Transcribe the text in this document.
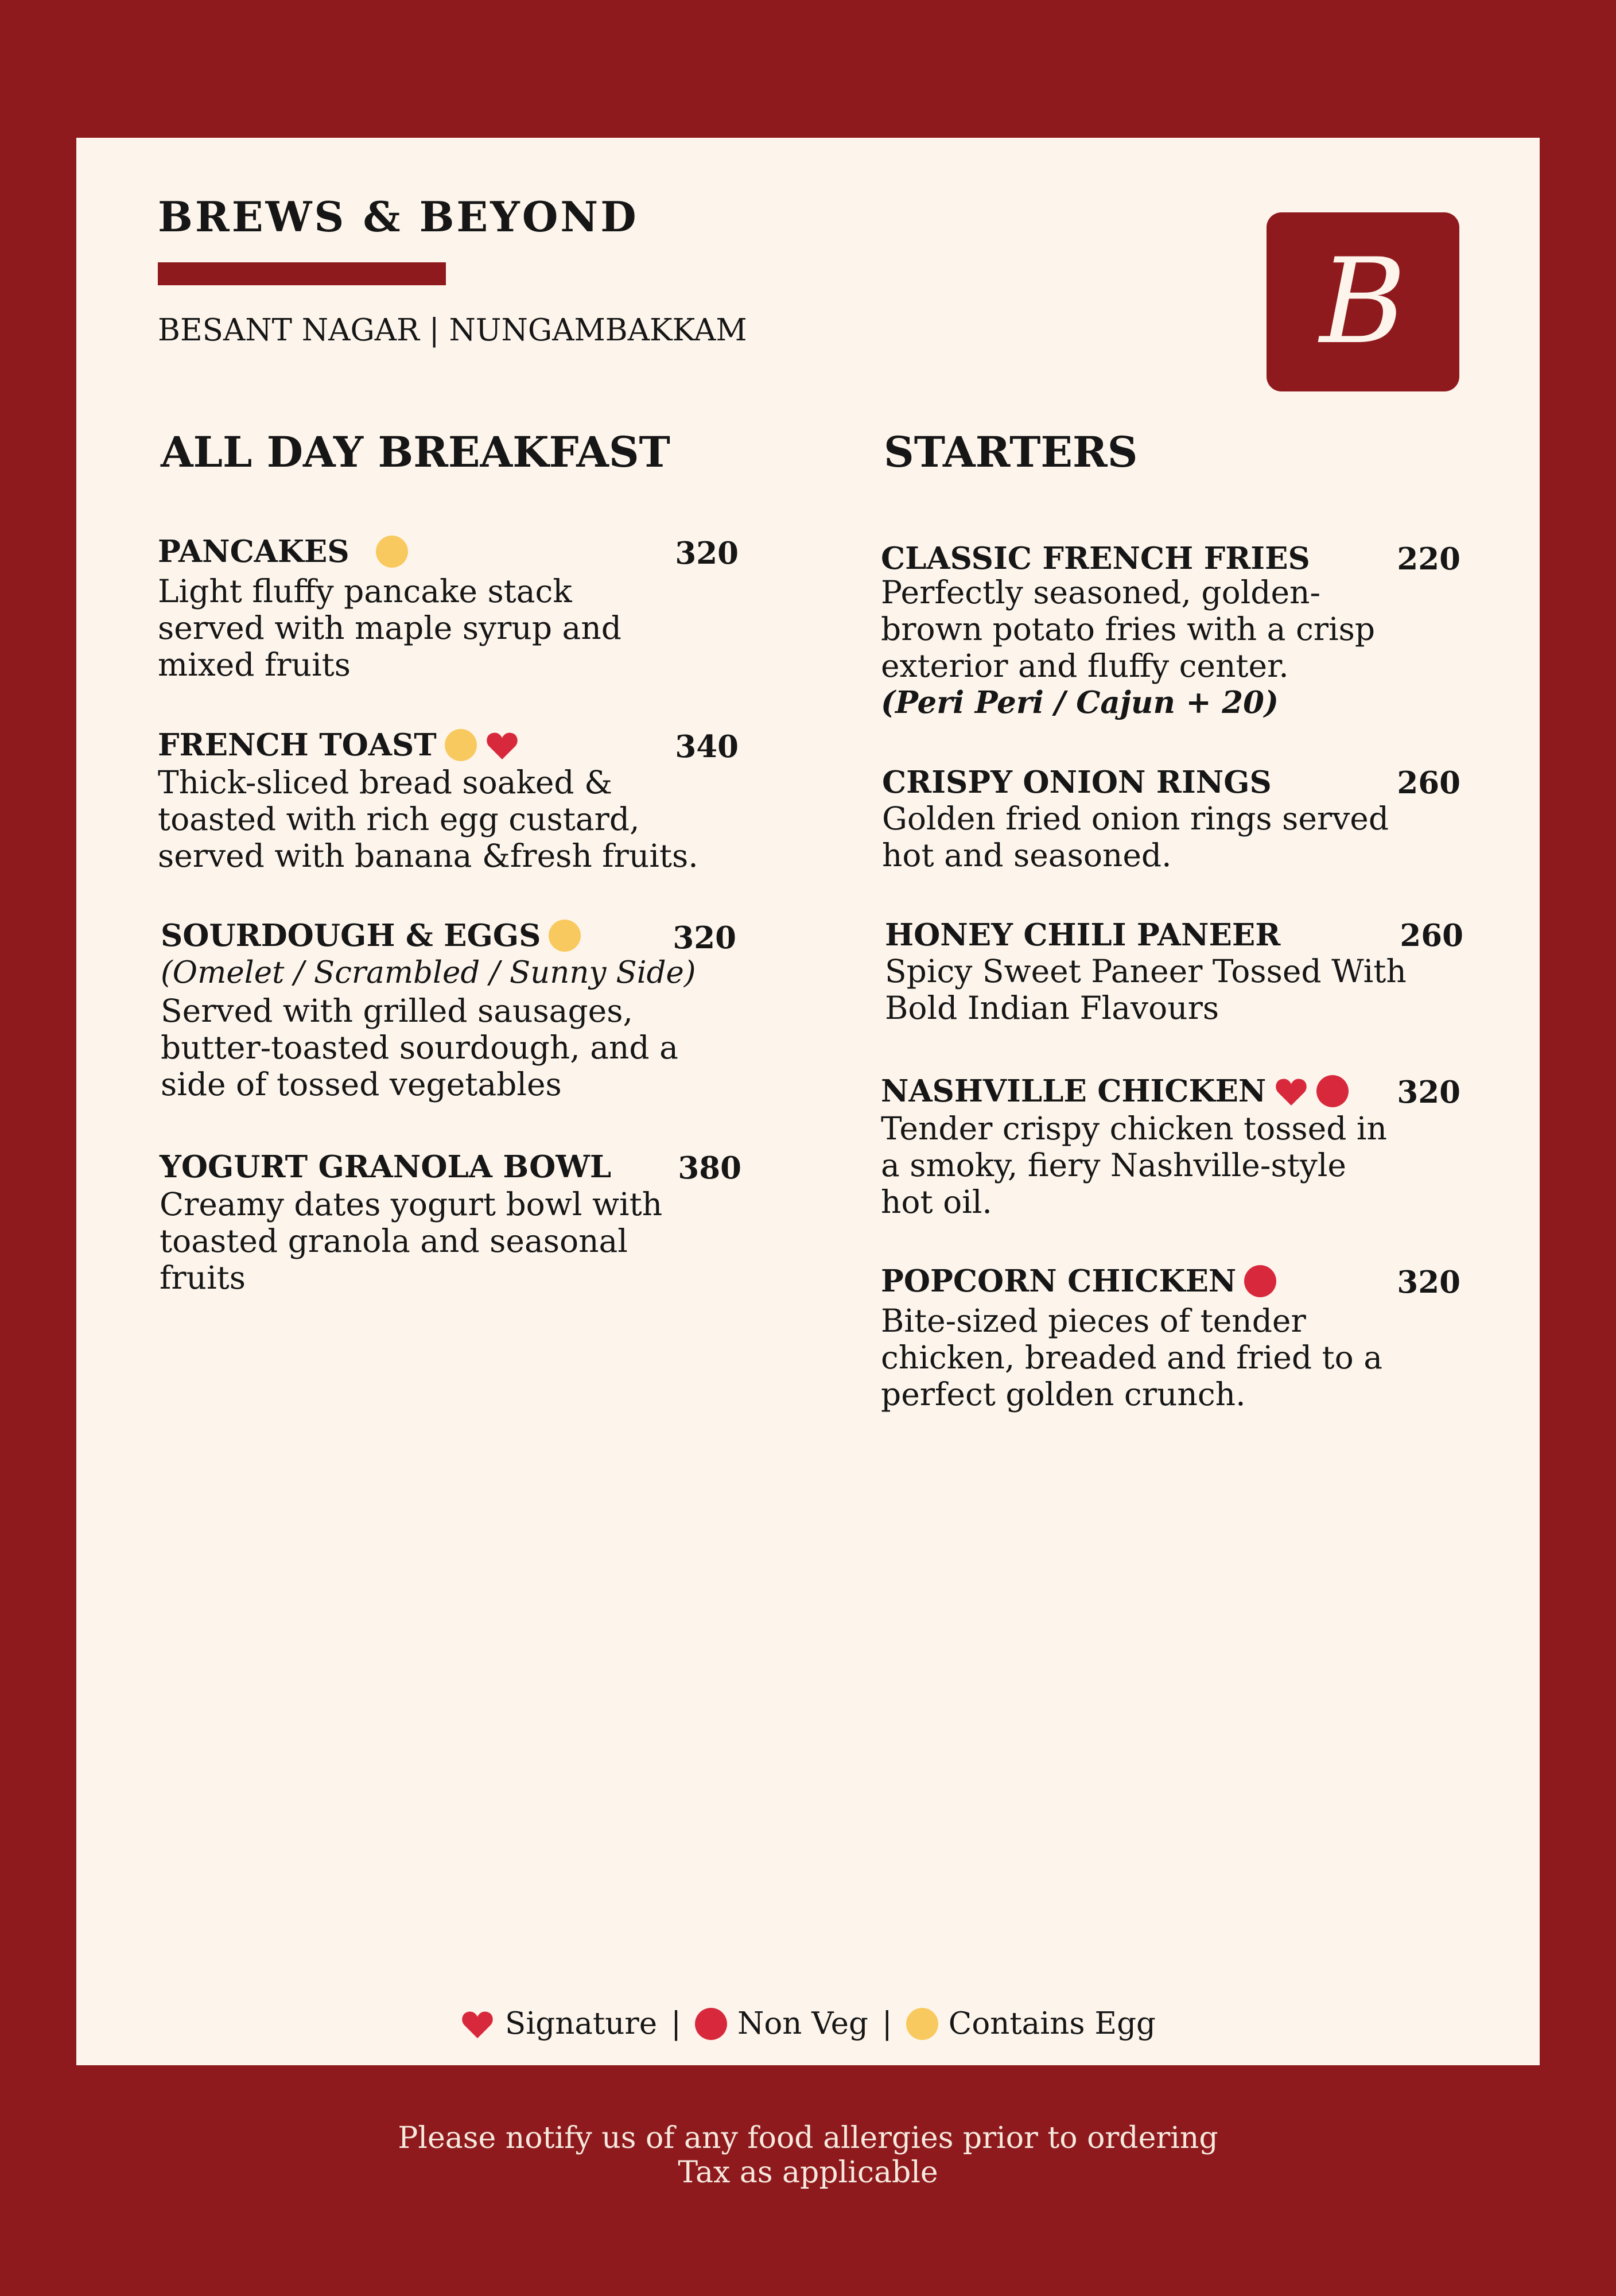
BREWS & BEYOND
BESANT NAGAR | NUNGAMBAKKAM	B
ALL DAY BREAKFAST
PANCAKES

Light fluffy pancake stack
served with maple syrup and
mixed fruits

320
FRENCH TOAST

Thick-sliced bread soaked &
toasted with rich egg custard,
served with banana &fresh fruits.

340
SOURDOUGH & EGGS
(Omelet / Scrambled / Sunny Side)

Served with grilled sausages,
butter-toasted sourdough, and a
side of tossed vegetables

320
YOGURT GRANOLA BOWL

Creamy dates yogurt bowl with
toasted granola and seasonal
fruits

380
STARTERS
CLASSIC FRENCH FRIES

Perfectly seasoned, golden-
brown potato fries with a crisp
exterior and fluffy center.

(Peri Peri / Cajun + 20)
220
CRISPY ONION RINGS

Golden fried onion rings served
hot and seasoned.

260
HONEY CHILI PANEER

Spicy Sweet Paneer Tossed With
Bold Indian Flavours

260
NASHVILLE CHICKEN

Tender crispy chicken tossed in
a smoky, fiery Nashville-style
hot oil.

320
POPCORN CHICKEN

Bite-sized pieces of tender
chicken, breaded and fried to a
perfect golden crunch.

320
Signature | Non Veg | Contains Egg
Please notify us of any food allergies prior to ordering
Tax as applicable
